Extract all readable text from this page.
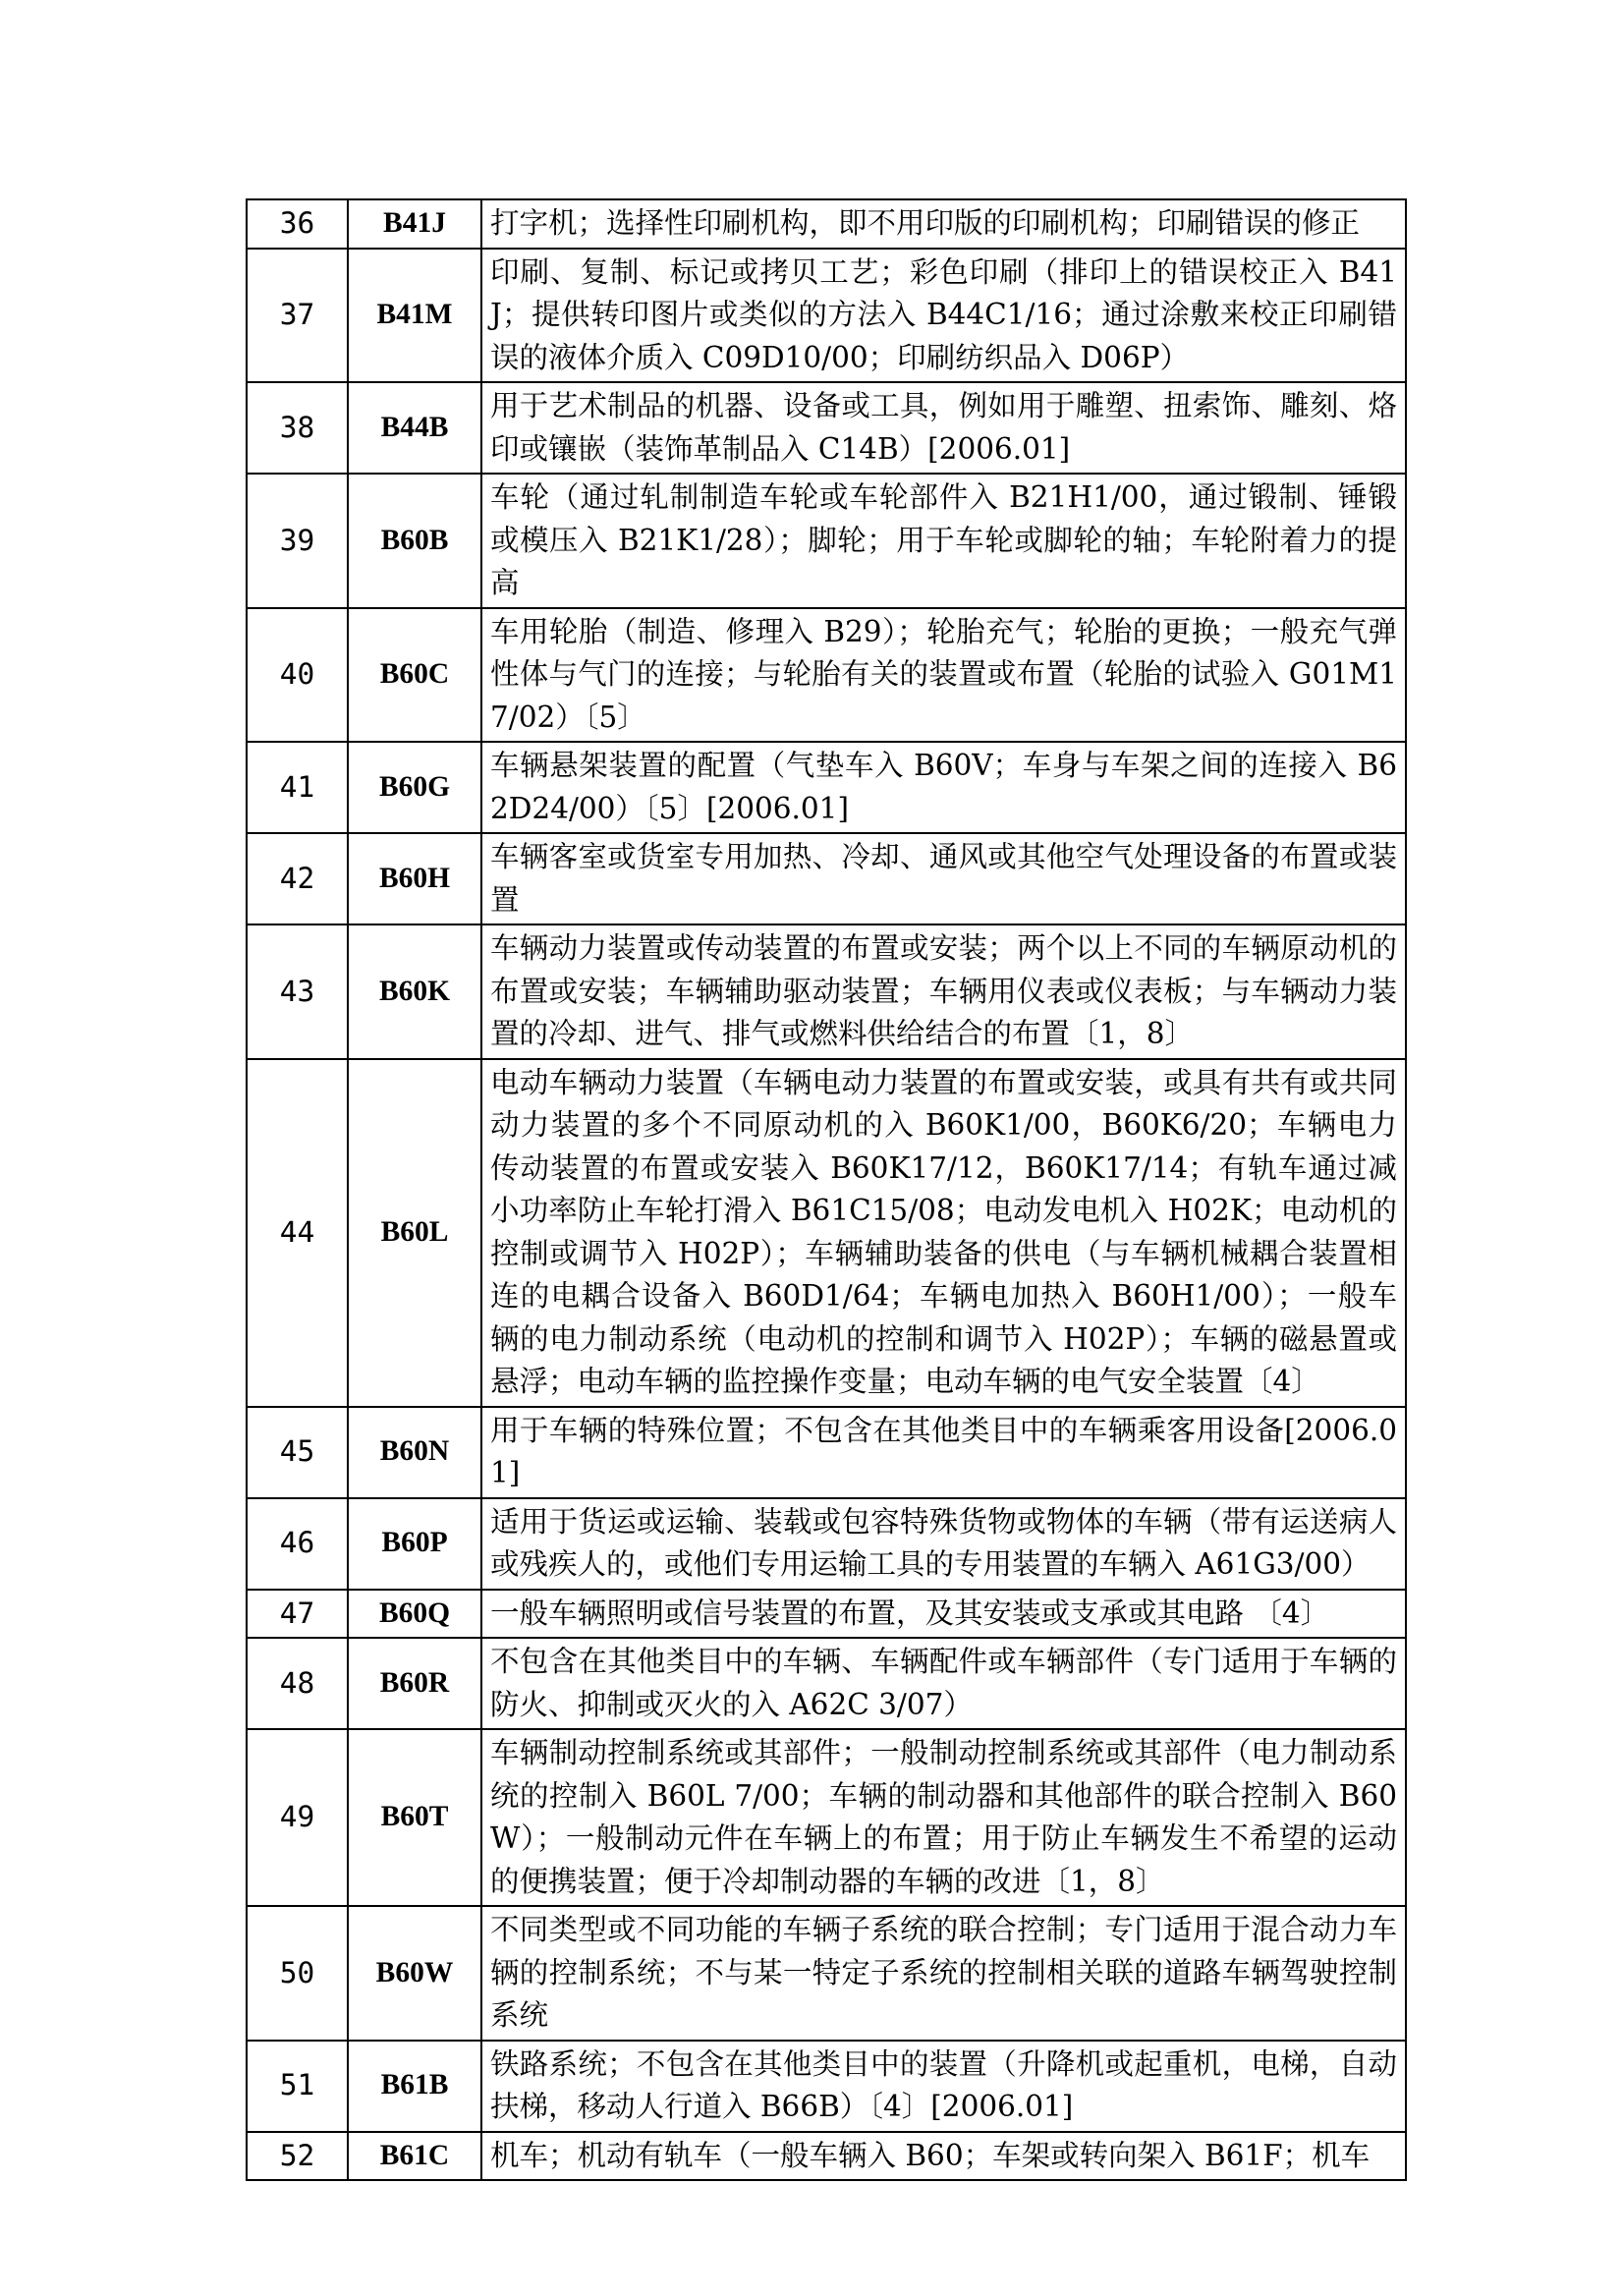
36	B41J	打字机；选择性印刷机构，即不用印版的印刷机构；印刷错误的修正
37	B41M	印刷、复制、标记或拷贝工艺；彩色印刷（排印上的错误校正入 B41J；提供转印图片或类似的方法入 B44C1/16；通过涂敷来校正印刷错误的液体介质入 C09D10/00；印刷纺织品入 D06P）
38	B44B	用于艺术制品的机器、设备或工具，例如用于雕塑、扭索饰、雕刻、烙印或镶嵌（装饰革制品入 C14B）[2006.01]
39	B60B	车轮（通过轧制制造车轮或车轮部件入 B21H1/00，通过锻制、锤锻或模压入 B21K1/28）；脚轮；用于车轮或脚轮的轴；车轮附着力的提高
40	B60C	车用轮胎（制造、修理入 B29）；轮胎充气；轮胎的更换；一般充气弹性体与气门的连接；与轮胎有关的装置或布置（轮胎的试验入 G01M17/02）〔5〕
41	B60G	车辆悬架装置的配置（气垫车入 B60V；车身与车架之间的连接入 B62D24/00）〔5〕[2006.01]
42	B60H	车辆客室或货室专用加热、冷却、通风或其他空气处理设备的布置或装置
43	B60K	车辆动力装置或传动装置的布置或安装；两个以上不同的车辆原动机的布置或安装；车辆辅助驱动装置；车辆用仪表或仪表板；与车辆动力装置的冷却、进气、排气或燃料供给结合的布置〔1，8〕
44	B60L	电动车辆动力装置（车辆电动力装置的布置或安装，或具有共有或共同动力装置的多个不同原动机的入 B60K1/00，B60K6/20；车辆电力传动装置的布置或安装入 B60K17/12，B60K17/14；有轨车通过减小功率防止车轮打滑入 B61C15/08；电动发电机入 H02K；电动机的控制或调节入 H02P）；车辆辅助装备的供电（与车辆机械耦合装置相连的电耦合设备入 B60D1/64；车辆电加热入 B60H1/00）；一般车辆的电力制动系统（电动机的控制和调节入 H02P）；车辆的磁悬置或悬浮；电动车辆的监控操作变量；电动车辆的电气安全装置〔4〕
45	B60N	用于车辆的特殊位置；不包含在其他类目中的车辆乘客用设备[2006.01]
46	B60P	适用于货运或运输、装载或包容特殊货物或物体的车辆（带有运送病人或残疾人的，或他们专用运输工具的专用装置的车辆入 A61G3/00）
47	B60Q	一般车辆照明或信号装置的布置，及其安装或支承或其电路 〔4〕
48	B60R	不包含在其他类目中的车辆、车辆配件或车辆部件（专门适用于车辆的防火、抑制或灭火的入 A62C 3/07）
49	B60T	车辆制动控制系统或其部件；一般制动控制系统或其部件（电力制动系统的控制入 B60L 7/00；车辆的制动器和其他部件的联合控制入 B60W）；一般制动元件在车辆上的布置；用于防止车辆发生不希望的运动的便携装置；便于冷却制动器的车辆的改进〔1，8〕
50	B60W	不同类型或不同功能的车辆子系统的联合控制；专门适用于混合动力车辆的控制系统；不与某一特定子系统的控制相关联的道路车辆驾驶控制系统
51	B61B	铁路系统；不包含在其他类目中的装置（升降机或起重机，电梯，自动扶梯，移动人行道入 B66B）〔4〕[2006.01]
52	B61C	机车；机动有轨车（一般车辆入 B60；车架或转向架入 B61F；机车
